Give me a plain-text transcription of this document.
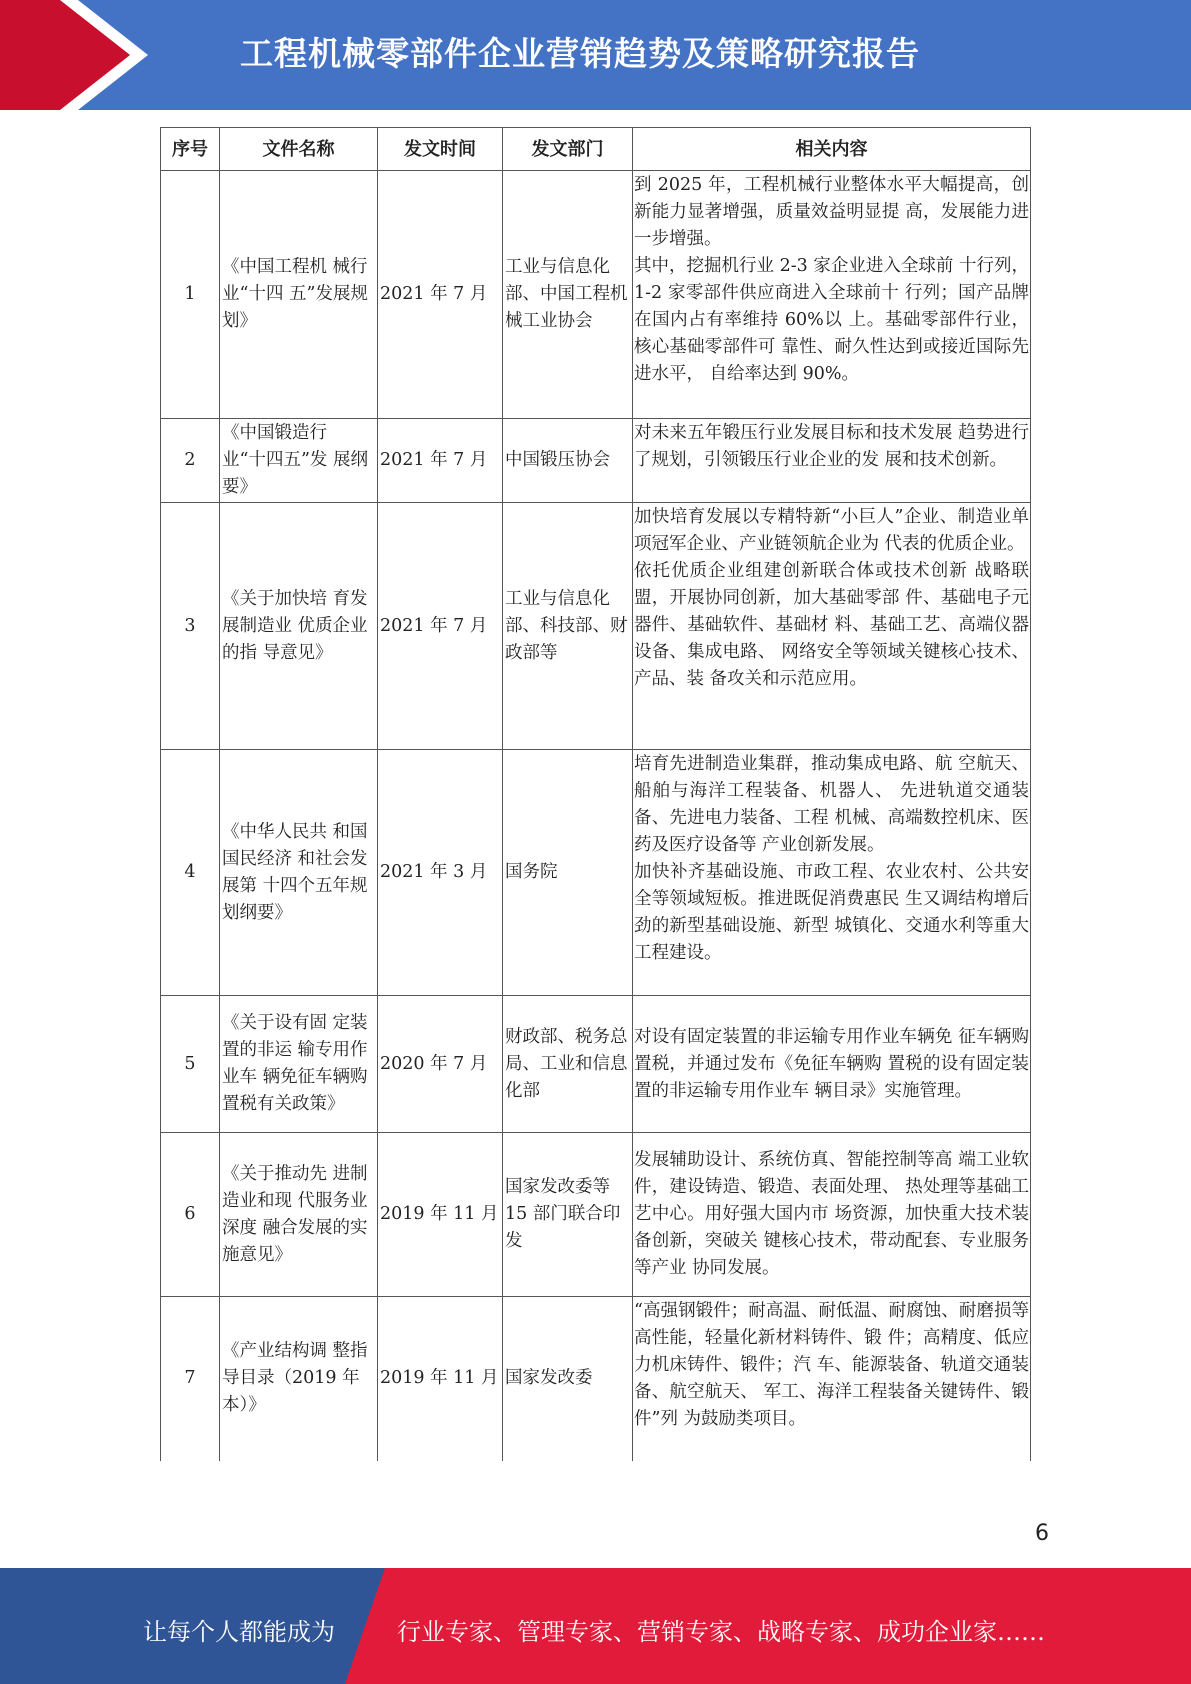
工程机械零部件企业营销趋势及策略研究报告
序号	文件名称	发文时间	发文部门	相关内容
1	《中国工程机 械行业“十四 五”发展规划》	2021 年 7 月	工业与信息化部、中国工程机械工业协会	到 2025 年，工程机械行业整体水平大幅提高，创新能力显著增强，质量效益明显提 高，发展能力进一步增强。
其中，挖掘机行业 2-3 家企业进入全球前 十行列，1-2 家零部件供应商进入全球前十 行列；国产品牌在国内占有率维持 60%以 上。基础零部件行业，核心基础零部件可 靠性、耐久性达到或接近国际先进水平， 自给率达到 90%。

2	《中国锻造行 业“十四五”发 展纲要》	2021 年 7 月	中国锻压协会	对未来五年锻压行业发展目标和技术发展 趋势进行了规划，引领锻压行业企业的发 展和技术创新。

3	《关于加快培 育发展制造业 优质企业的指 导意见》	2021 年 7 月	工业与信息化部、科技部、财政部等	加快培育发展以专精特新“小巨人”企业、制造业单项冠军企业、产业链领航企业为 代表的优质企业。
依托优质企业组建创新联合体或技术创新 战略联盟，开展协同创新，加大基础零部 件、基础电子元器件、基础软件、基础材 料、基础工艺、高端仪器设备、集成电路、 网络安全等领域关键核心技术、产品、装 备攻关和示范应用。

4	《中华人民共 和国国民经济 和社会发展第 十四个五年规 划纲要》	2021 年 3 月	国务院	培育先进制造业集群，推动集成电路、航 空航天、船舶与海洋工程装备、机器人、 先进轨道交通装备、先进电力装备、工程 机械、高端数控机床、医药及医疗设备等 产业创新发展。
加快补齐基础设施、市政工程、农业农村、公共安全等领域短板。推进既促消费惠民 生又调结构增后劲的新型基础设施、新型 城镇化、交通水利等重大工程建设。

5	《关于设有固 定装置的非运 输专用作业车 辆免征车辆购 置税有关政策》	2020 年 7 月	财政部、税务总局、工业和信息化部	对设有固定装置的非运输专用作业车辆免 征车辆购置税，并通过发布《免征车辆购 置税的设有固定装置的非运输专用作业车 辆目录》实施管理。

6	《关于推动先 进制造业和现 代服务业深度 融合发展的实 施意见》	2019 年 11 月	国家发改委等 15 部门联合印发	发展辅助设计、系统仿真、智能控制等高 端工业软件，建设铸造、锻造、表面处理、 热处理等基础工艺中心。用好强大国内市 场资源，加快重大技术装备创新，突破关 键核心技术，带动配套、专业服务等产业 协同发展。

7	《产业结构调 整指导目录（2019 年本）》	2019 年 11 月	国家发改委	“高强钢锻件；耐高温、耐低温、耐腐蚀、耐磨损等高性能，轻量化新材料铸件、锻 件；高精度、低应力机床铸件、锻件；汽 车、能源装备、轨道交通装备、航空航天、 军工、海洋工程装备关键铸件、锻件”列 为鼓励类项目。
6
让每个人都能成为	行业专家、管理专家、营销专家、战略专家、成功企业家……
